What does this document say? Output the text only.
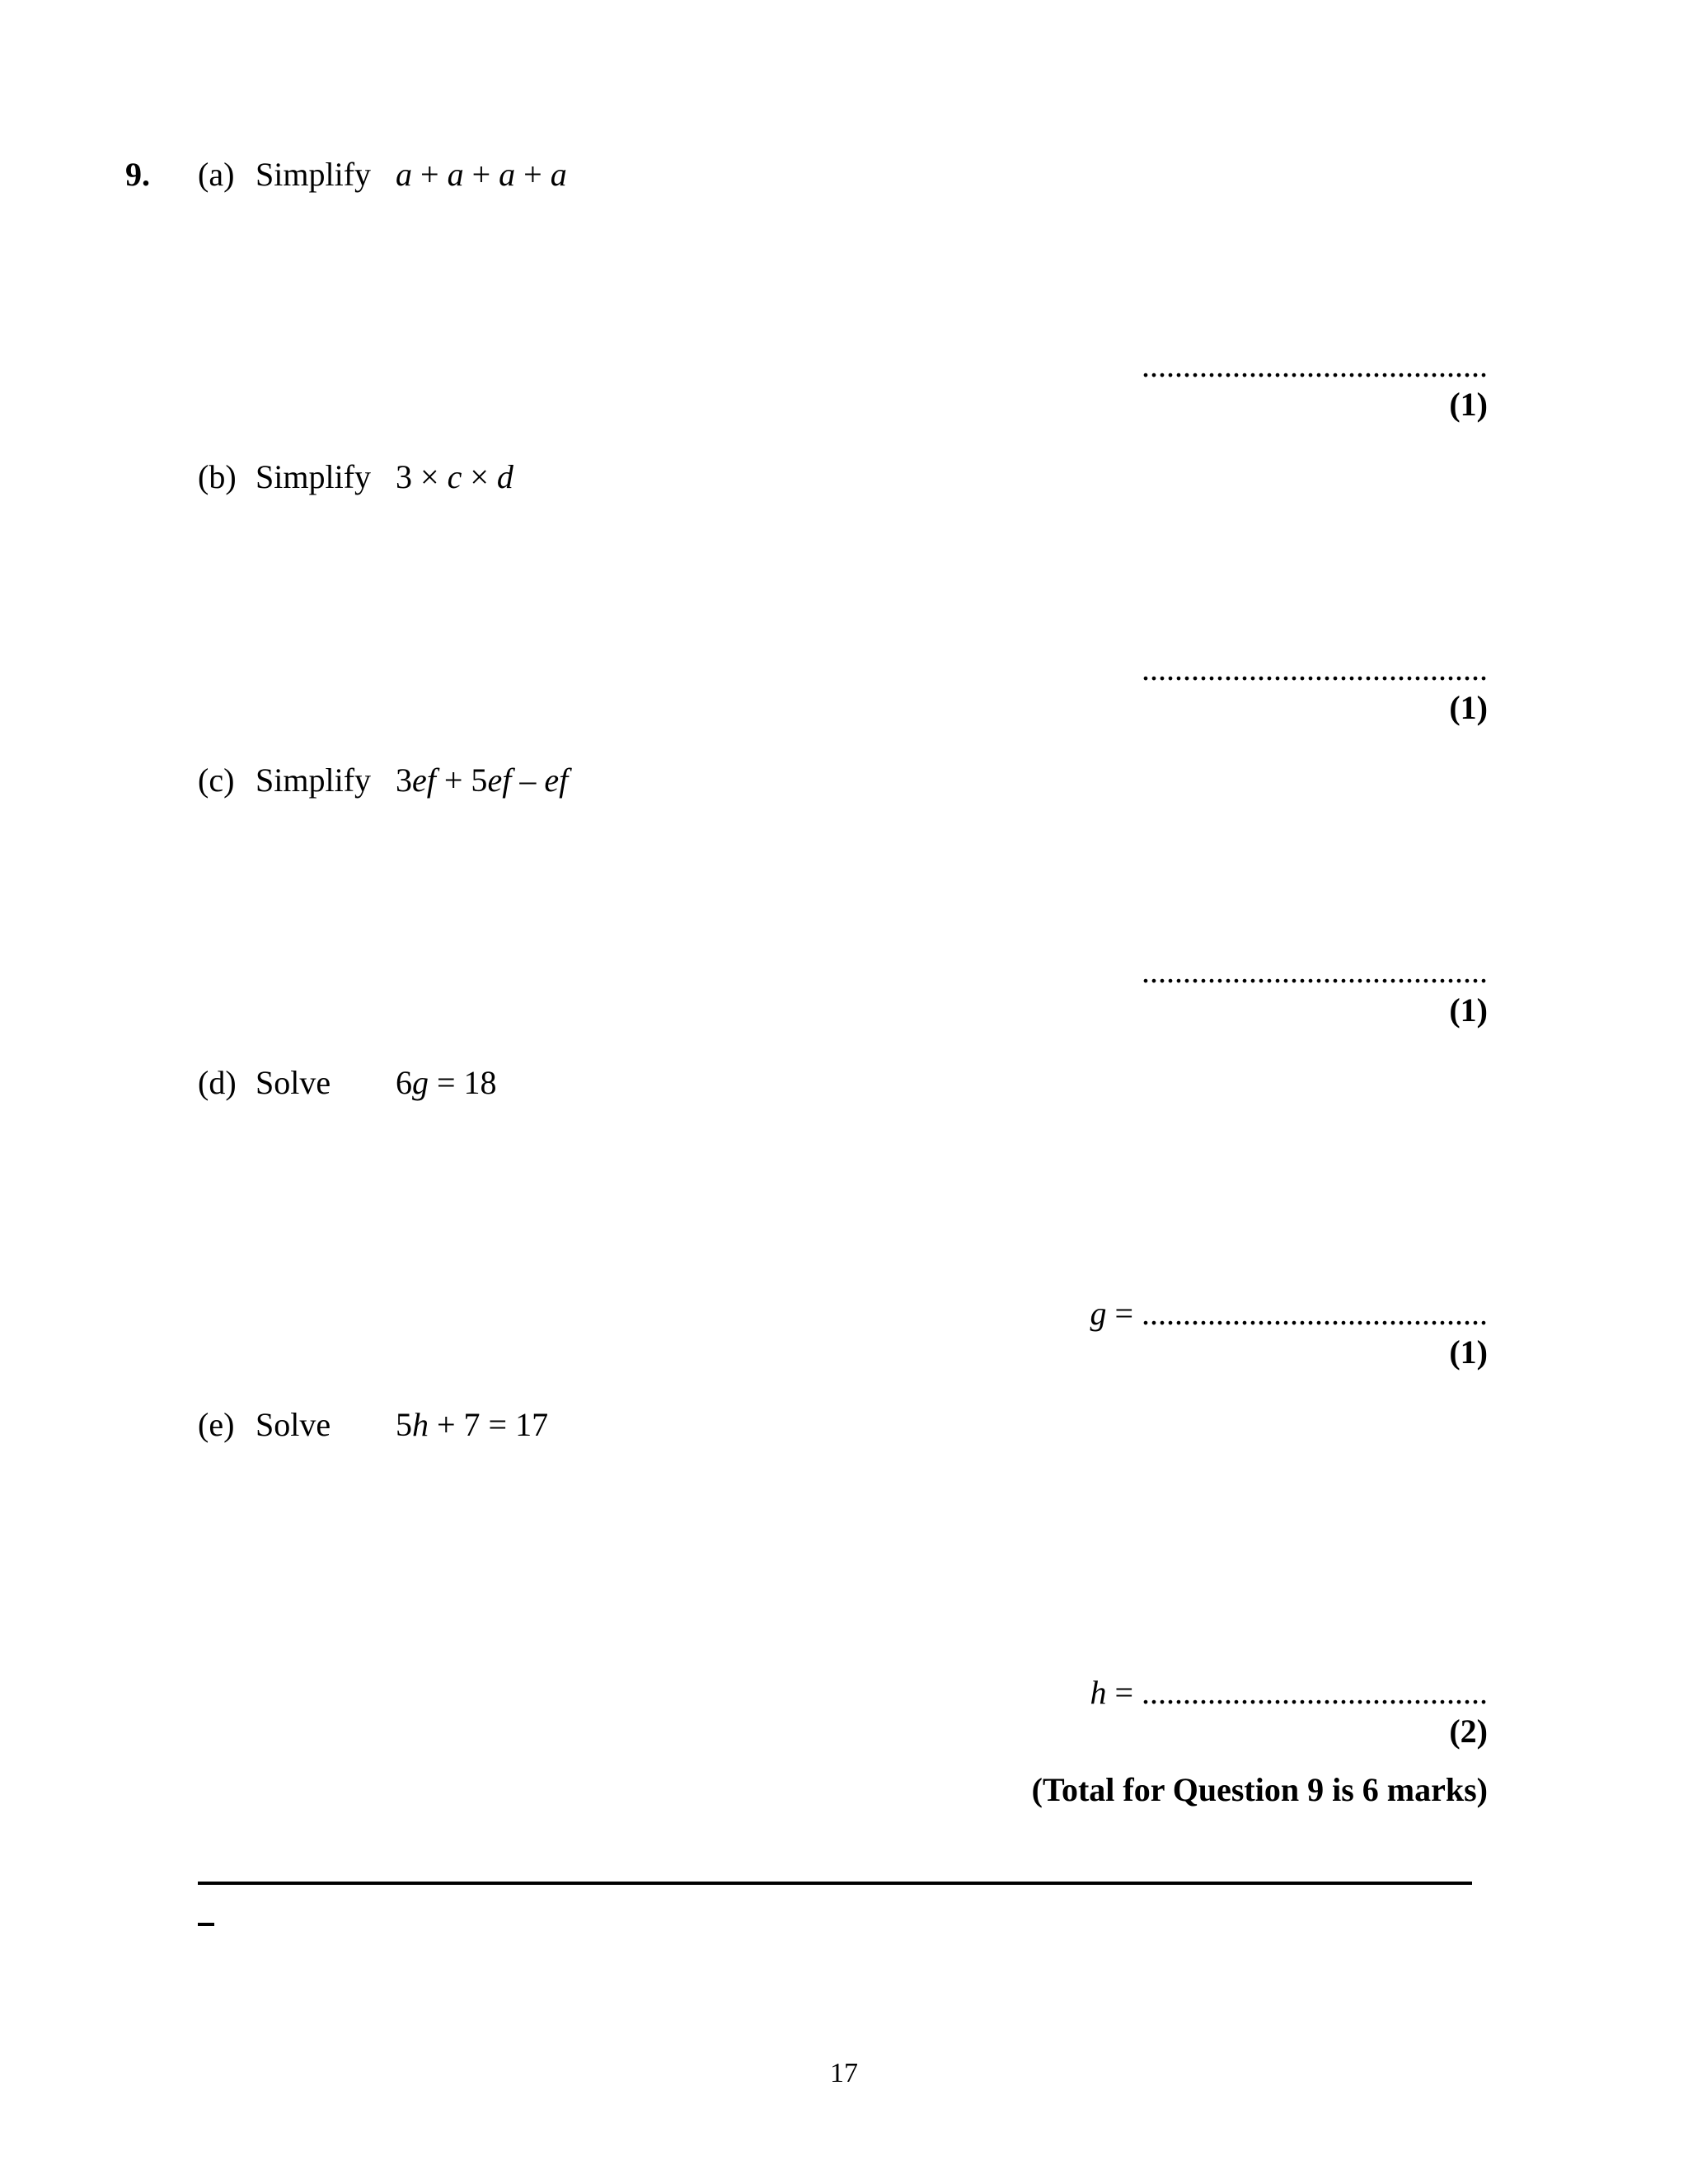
9. (a) Simplify a + a + a + a
..........................................
(1)
(b) Simplify 3 × c × d
..........................................
(1)
(c) Simplify 3ef + 5ef – ef
..........................................
(1)
(d) Solve 6g = 18
g = ..........................................
(1)
(e) Solve 5h + 7 = 17
h = ..........................................
(2)
(Total for Question 9 is 6 marks)
17
